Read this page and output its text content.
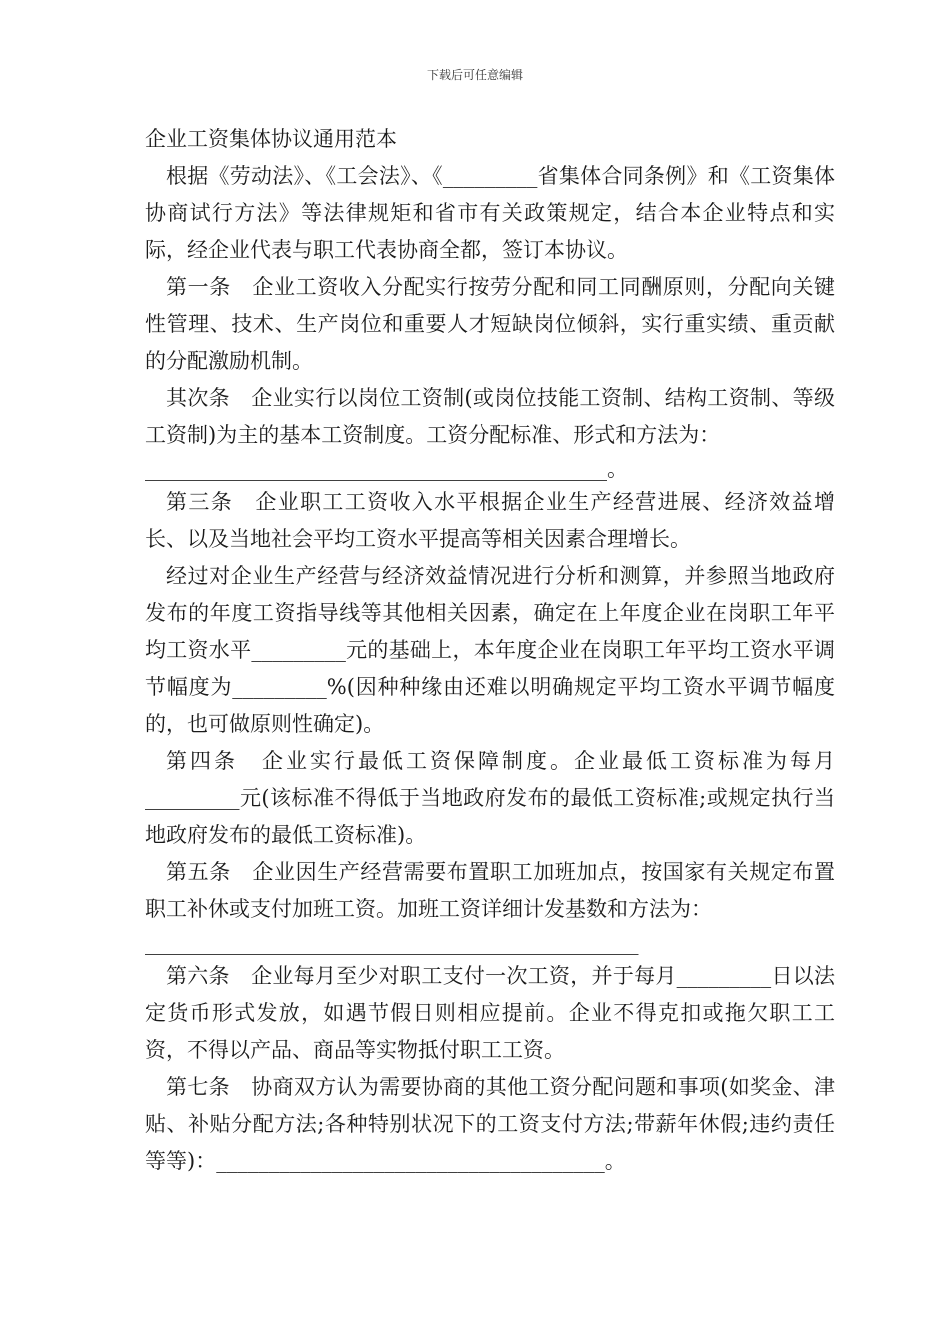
下载后可任意编辑

企业工资集体协议通用范本

根据《劳动法》、《工会法》、《_________省集体合同条例》和《工资集体协商试行方法》等法律规矩和省市有关政策规定，结合本企业特点和实际，经企业代表与职工代表协商全都，签订本协议。

第一条　企业工资收入分配实行按劳分配和同工同酬原则，分配向关键性管理、技术、生产岗位和重要人才短缺岗位倾斜，实行重实绩、重贡献的分配激励机制。

其次条　企业实行以岗位工资制(或岗位技能工资制、结构工资制、等级工资制)为主的基本工资制度。工资分配标准、形式和方法为：

____________________________________________。

第三条　企业职工工资收入水平根据企业生产经营进展、经济效益增长、以及当地社会平均工资水平提高等相关因素合理增长。

经过对企业生产经营与经济效益情况进行分析和测算，并参照当地政府发布的年度工资指导线等其他相关因素，确定在上年度企业在岗职工年平均工资水平_________元的基础上，本年度企业在岗职工年平均工资水平调节幅度为_________%(因种种缘由还难以明确规定平均工资水平调节幅度的，也可做原则性确定)。

第四条　企业实行最低工资保障制度。企业最低工资标准为每月_________元(该标准不得低于当地政府发布的最低工资标准;或规定执行当地政府发布的最低工资标准)。

第五条　企业因生产经营需要布置职工加班加点，按国家有关规定布置职工补休或支付加班工资。加班工资详细计发基数和方法为：

_______________________________________________

第六条　企业每月至少对职工支付一次工资，并于每月_________日以法定货币形式发放，如遇节假日则相应提前。企业不得克扣或拖欠职工工资，不得以产品、商品等实物抵付职工工资。

第七条　协商双方认为需要协商的其他工资分配问题和事项(如奖金、津贴、补贴分配方法;各种特别状况下的工资支付方法;带薪年休假;违约责任等等)：_____________________________________。
